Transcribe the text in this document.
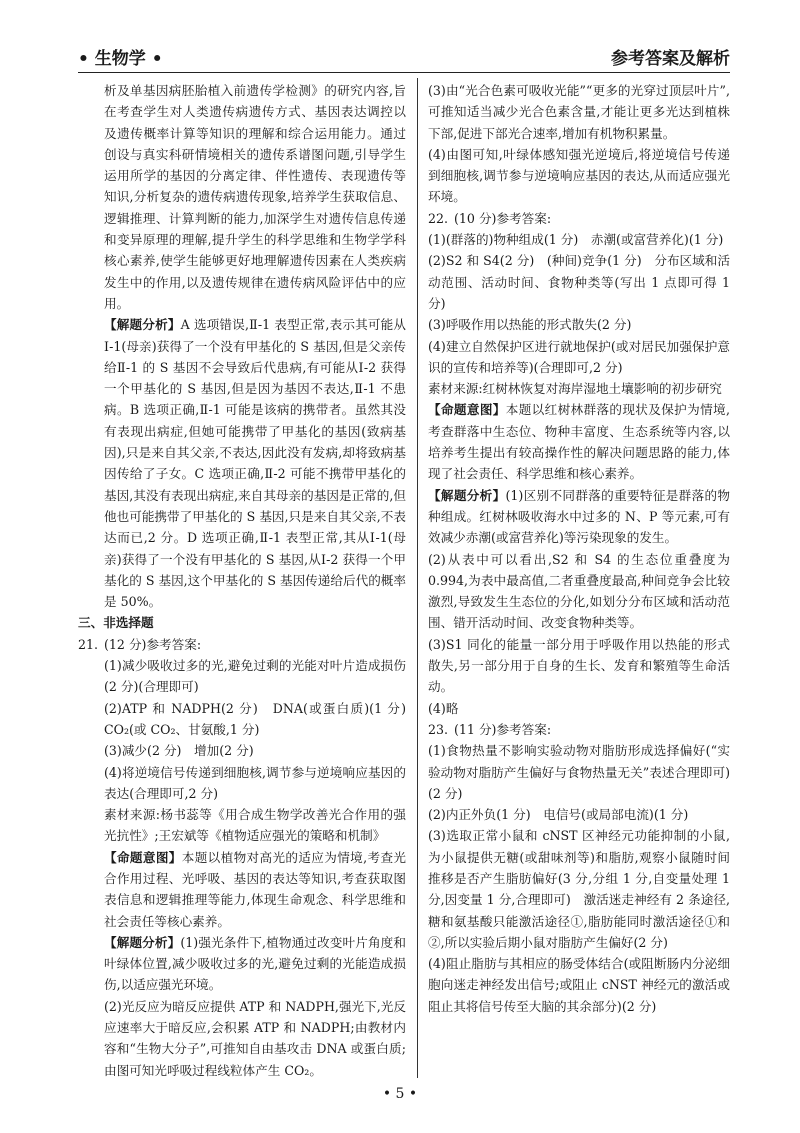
• 生物学 •	参考答案及解析

析及单基因病胚胎植入前遗传学检测》的研究内容,旨在考查学生对人类遗传病遗传方式、基因表达调控以及遗传概率计算等知识的理解和综合运用能力。通过创设与真实科研情境相关的遗传系谱图问题,引导学生运用所学的基因的分离定律、伴性遗传、表现遗传等知识,分析复杂的遗传病遗传现象,培养学生获取信息、逻辑推理、计算判断的能力,加深学生对遗传信息传递和变异原理的理解,提升学生的科学思维和生物学学科核心素养,使学生能够更好地理解遗传因素在人类疾病发生中的作用,以及遗传规律在遗传病风险评估中的应用。

【解题分析】A 选项错误,Ⅱ-1 表型正常,表示其可能从Ⅰ-1(母亲)获得了一个没有甲基化的 S 基因,但是父亲传给Ⅱ-1 的 S 基因不会导致后代患病,有可能从Ⅰ-2 获得一个甲基化的 S 基因,但是因为基因不表达,Ⅱ-1 不患病。B 选项正确,Ⅱ-1 可能是该病的携带者。虽然其没有表现出病症,但她可能携带了甲基化的基因(致病基因),只是来自其父亲,不表达,因此没有发病,却将致病基因传给了子女。C 选项正确,Ⅱ-2 可能不携带甲基化的基因,其没有表现出病症,来自其母亲的基因是正常的,但他也可能携带了甲基化的 S 基因,只是来自其父亲,不表达而已,2 分。D 选项正确,Ⅱ-1 表型正常,其从Ⅰ-1(母亲)获得了一个没有甲基化的 S 基因,从Ⅰ-2 获得一个甲基化的 S 基因,这个甲基化的 S 基因传递给后代的概率是 50%。

三、非选择题

21. (12 分)参考答案:

(1)减少吸收过多的光,避免过剩的光能对叶片造成损伤(2 分)(合理即可)

(2)ATP 和 NADPH(2 分)　DNA(或蛋白质)(1 分)　CO₂(或 CO₂、甘氨酸,1 分)

(3)减少(2 分)　增加(2 分)

(4)将逆境信号传递到细胞核,调节参与逆境响应基因的表达(合理即可,2 分)

素材来源:杨书蕊等《用合成生物学改善光合作用的强光抗性》;王宏斌等《植物适应强光的策略和机制》

【命题意图】本题以植物对高光的适应为情境,考查光合作用过程、光呼吸、基因的表达等知识,考查获取图表信息和逻辑推理等能力,体现生命观念、科学思维和社会责任等核心素养。

【解题分析】(1)强光条件下,植物通过改变叶片角度和叶绿体位置,减少吸收过多的光,避免过剩的光能造成损伤,以适应强光环境。

(2)光反应为暗反应提供 ATP 和 NADPH,强光下,光反应速率大于暗反应,会积累 ATP 和 NADPH;由教材内容和“生物大分子”,可推知自由基攻击 DNA 或蛋白质;由图可知光呼吸过程线粒体产生 CO₂。

(3)由“光合色素可吸收光能”“更多的光穿过顶层叶片”,可推知适当减少光合色素含量,才能让更多光达到植株下部,促进下部光合速率,增加有机物积累量。

(4)由图可知,叶绿体感知强光逆境后,将逆境信号传递到细胞核,调节参与逆境响应基因的表达,从而适应强光环境。

22. (10 分)参考答案:

(1)(群落的)物种组成(1 分)　赤潮(或富营养化)(1 分)

(2)S2 和 S4(2 分)　(种间)竞争(1 分)　分布区域和活动范围、活动时间、食物种类等(写出 1 点即可得 1 分)

(3)呼吸作用以热能的形式散失(2 分)

(4)建立自然保护区进行就地保护(或对居民加强保护意识的宣传和培养等)(合理即可,2 分)

素材来源:红树林恢复对海岸湿地土壤影响的初步研究

【命题意图】本题以红树林群落的现状及保护为情境,考查群落中生态位、物种丰富度、生态系统等内容,以培养考生提出有较高操作性的解决问题思路的能力,体现了社会责任、科学思维和核心素养。

【解题分析】(1)区别不同群落的重要特征是群落的物种组成。红树林吸收海水中过多的 N、P 等元素,可有效减少赤潮(或富营养化)等污染现象的发生。

(2)从表中可以看出,S2 和 S4 的生态位重叠度为 0.994,为表中最高值,二者重叠度最高,种间竞争会比较激烈,导致发生生态位的分化,如划分分布区域和活动范围、错开活动时间、改变食物种类等。

(3)S1 同化的能量一部分用于呼吸作用以热能的形式散失,另一部分用于自身的生长、发育和繁殖等生命活动。

(4)略

23. (11 分)参考答案:

(1)食物热量不影响实验动物对脂肪形成选择偏好(“实验动物对脂肪产生偏好与食物热量无关”表述合理即可)(2 分)

(2)内正外负(1 分)　电信号(或局部电流)(1 分)

(3)选取正常小鼠和 cNST 区神经元功能抑制的小鼠,为小鼠提供无糖(或甜味剂等)和脂肪,观察小鼠随时间推移是否产生脂肪偏好(3 分,分组 1 分,自变量处理 1 分,因变量 1 分,合理即可)　激活迷走神经有 2 条途径,糖和氨基酸只能激活途径①,脂肪能同时激活途径①和②,所以实验后期小鼠对脂肪产生偏好(2 分)

(4)阻止脂肪与其相应的肠受体结合(或阻断肠内分泌细胞向迷走神经发出信号;或阻止 cNST 神经元的激活或阻止其将信号传至大脑的其余部分)(2 分)

• 5 •
